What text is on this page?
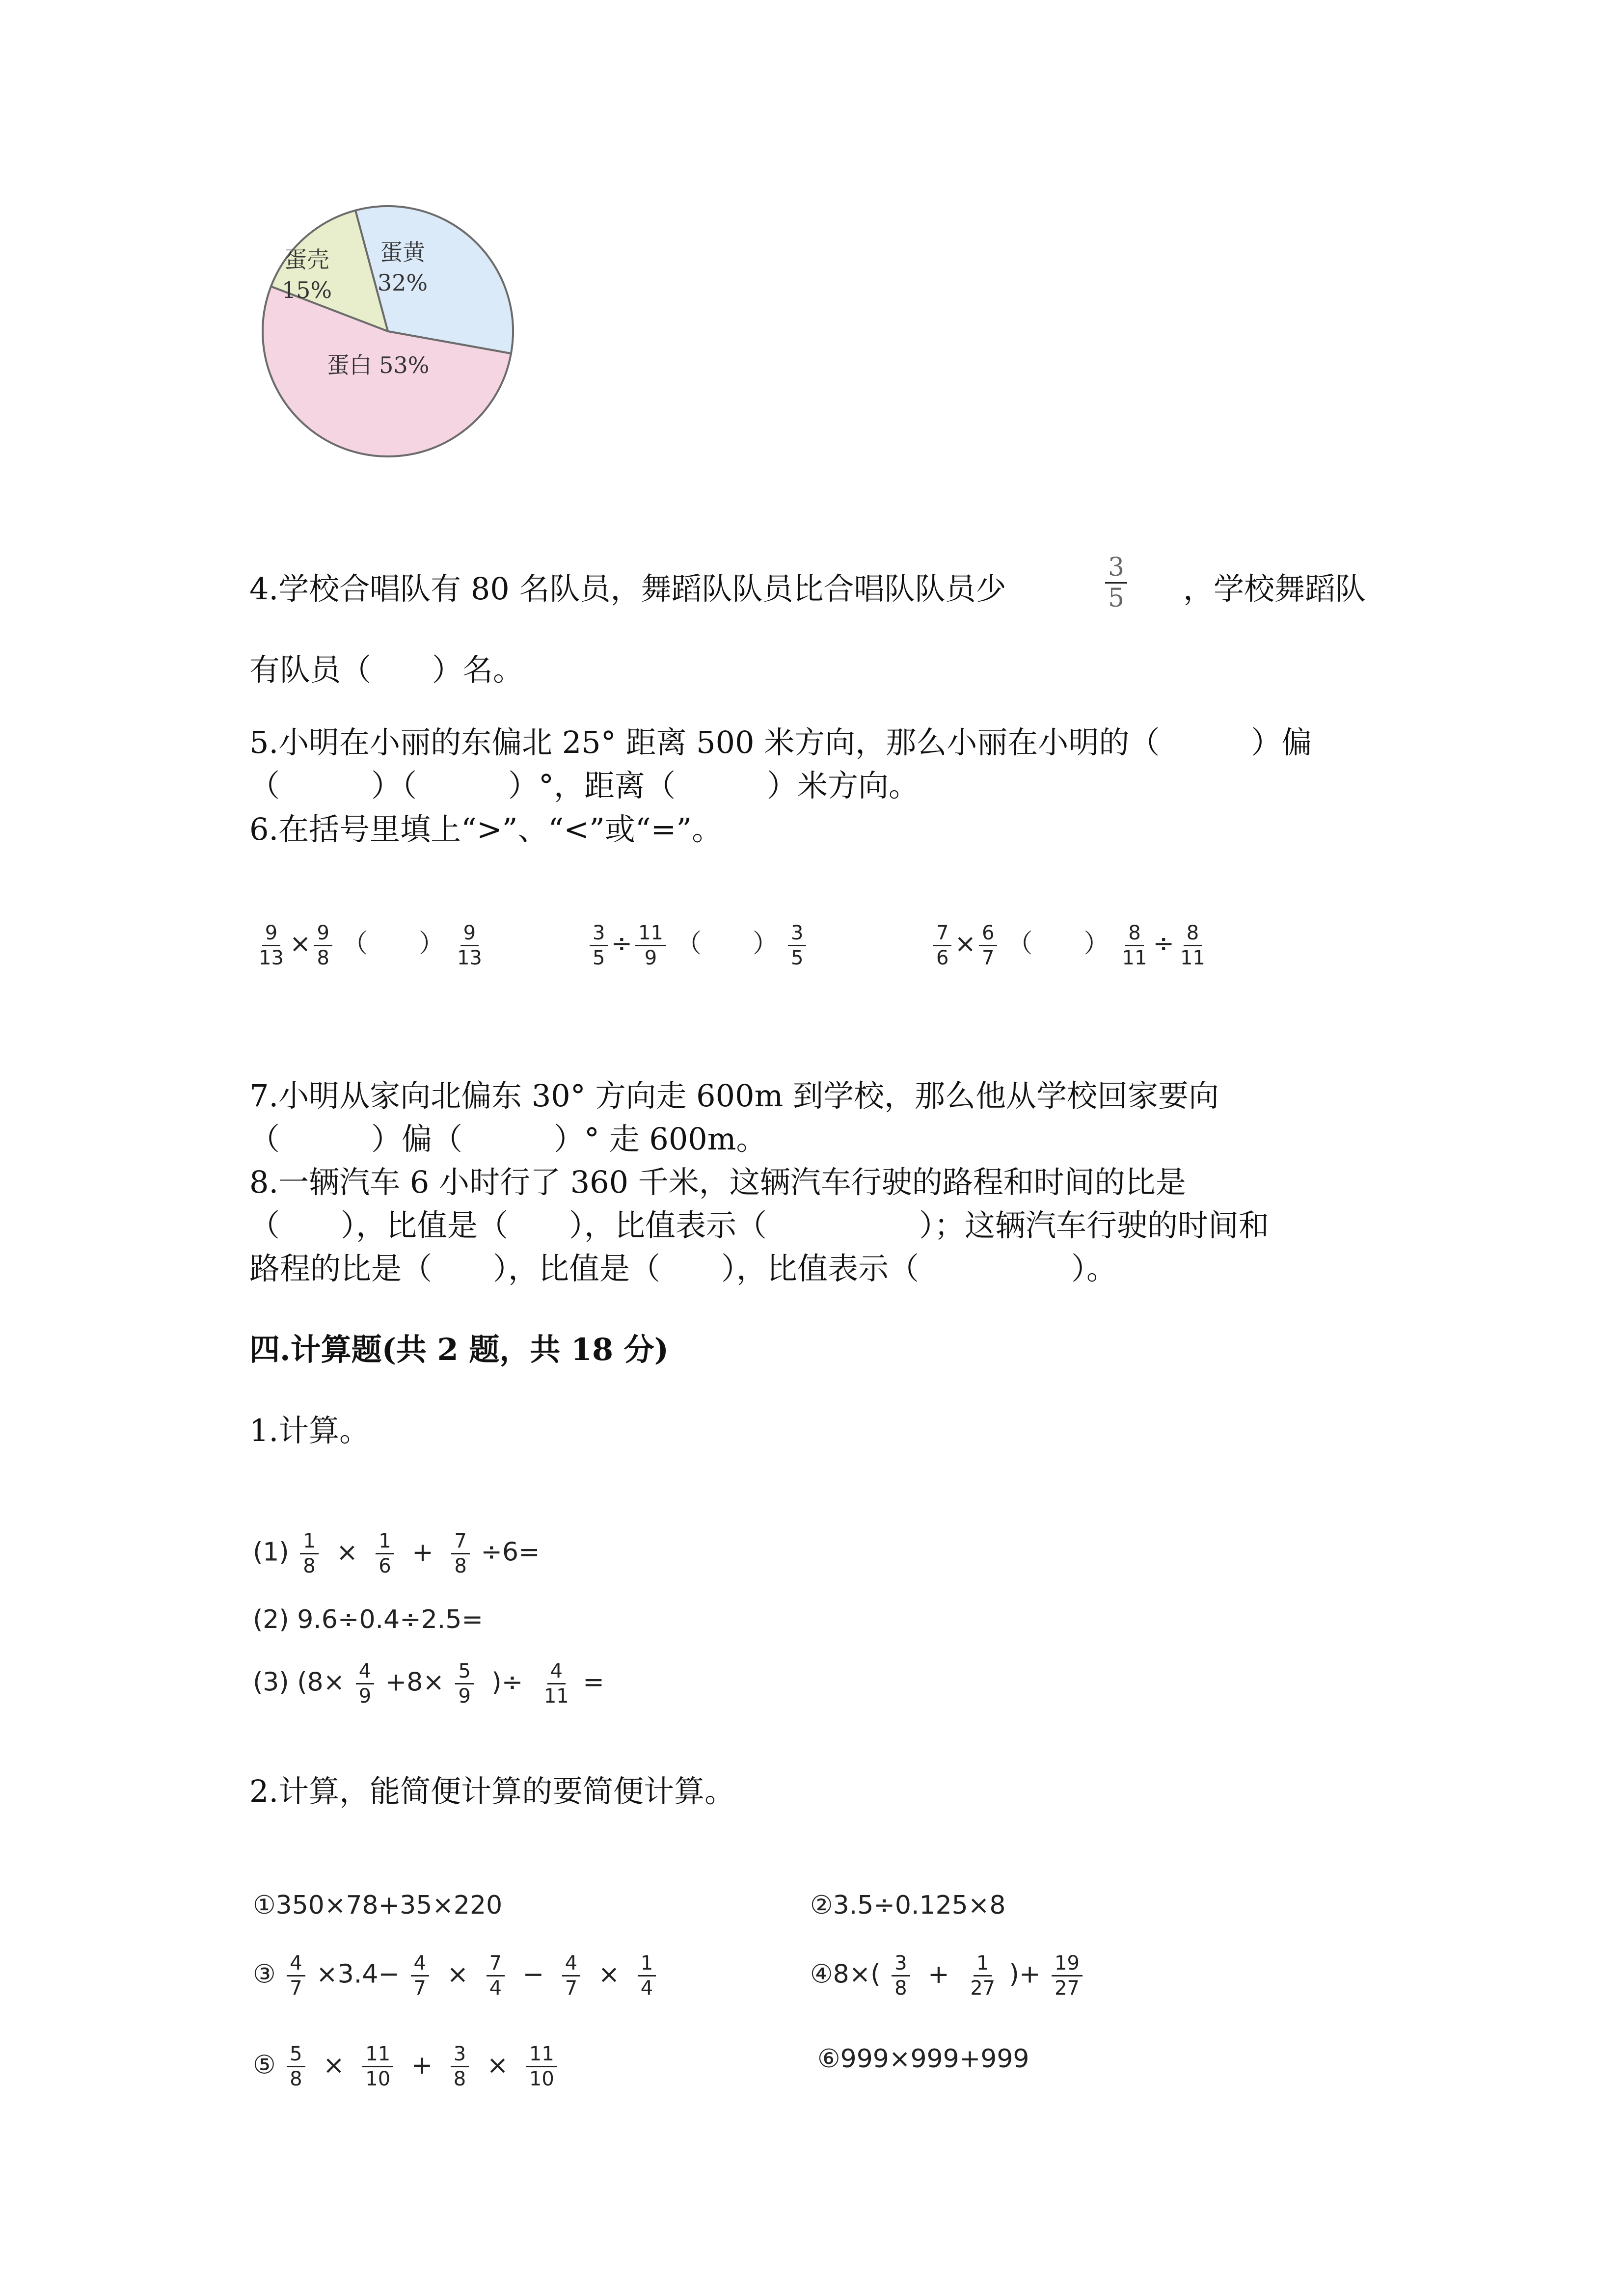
蛋黄
32%
蛋壳
15%
蛋白 53%
4.学校合唱队有 80 名队员，舞蹈队队员比合唱队队员少	$\frac{3}{5}$ ，学校舞蹈队
有队员（　　）名。
5.小明在小丽的东偏北 25° 距离 500 米方向，那么小丽在小明的（　　　）偏
（　　　）（　　　）°，距离（　　　）米方向。
6.在括号里填上“>”、“<”或“=”。
$\frac{9}{13} \times \frac{9}{8}$ （　　） $\frac{9}{13}$	$\frac{3}{5} \div \frac{11}{9}$ （　　） $\frac{3}{5}$	$\frac{7}{6} \times \frac{6}{7}$ （　　） $\frac{8}{11} \div \frac{8}{11}$
7.小明从家向北偏东 30° 方向走 600m 到学校，那么他从学校回家要向
（　　　）偏（　　　）° 走 600m。
8.一辆汽车 6 小时行了 360 千米，这辆汽车行驶的路程和时间的比是
（　　），比值是（　　），比值表示（　　　　　）；这辆汽车行驶的时间和
路程的比是（　　），比值是（　　），比值表示（　　　　　）。
四.计算题(共 2 题，共 18 分)
1.计算。
$(1) \frac{1}{8} \times \frac{1}{6} + \frac{7}{8} \div 6=$
(2) 9.6÷0.4÷2.5=
(3) ($8\times \frac{4}{9} +8\times \frac{5}{9}$ )÷ $\frac{4}{11}$ =
2.计算，能简便计算的要简便计算。
①350×78+35×220	②3.5÷0.125×8
③ $\frac{4}{7} \times 3.4- \frac{4}{7} \times \frac{7}{4} - \frac{4}{7} \times \frac{1}{4}$	④8×( $\frac{3}{8} + \frac{1}{27}$ )+ $\frac{19}{27}$
⑤ $\frac{5}{8} \times \frac{11}{10} + \frac{3}{8} \times \frac{11}{10}$	⑥999×999+999
